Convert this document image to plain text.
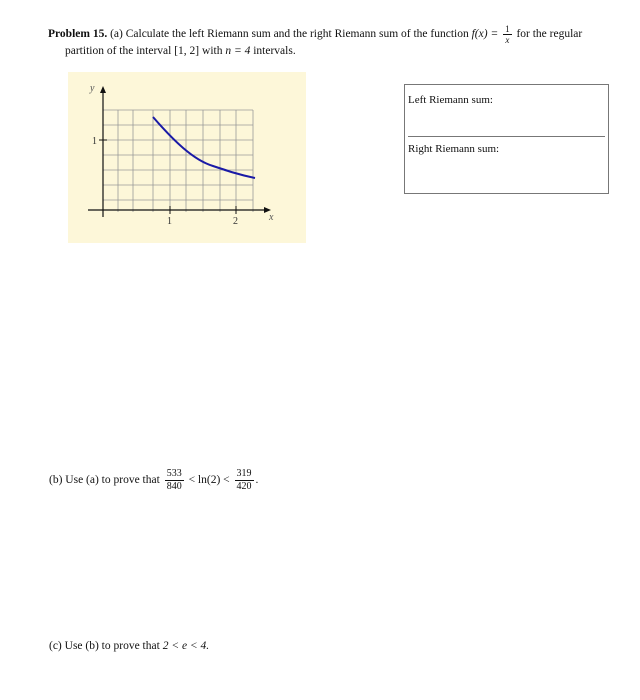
Problem 15. (a) Calculate the left Riemann sum and the right Riemann sum of the function $f(x) = \frac{1}{x}$ for the regular
partition of the interval [1, 2] with n = 4 intervals.
y
x
1
1	2
Left Riemann sum:
Right Riemann sum:
(b) Use (a) to prove that $\frac{533}{840} < \ln(2) < \frac{319}{420}$ .
(c) Use (b) to prove that 2 < e < 4.
